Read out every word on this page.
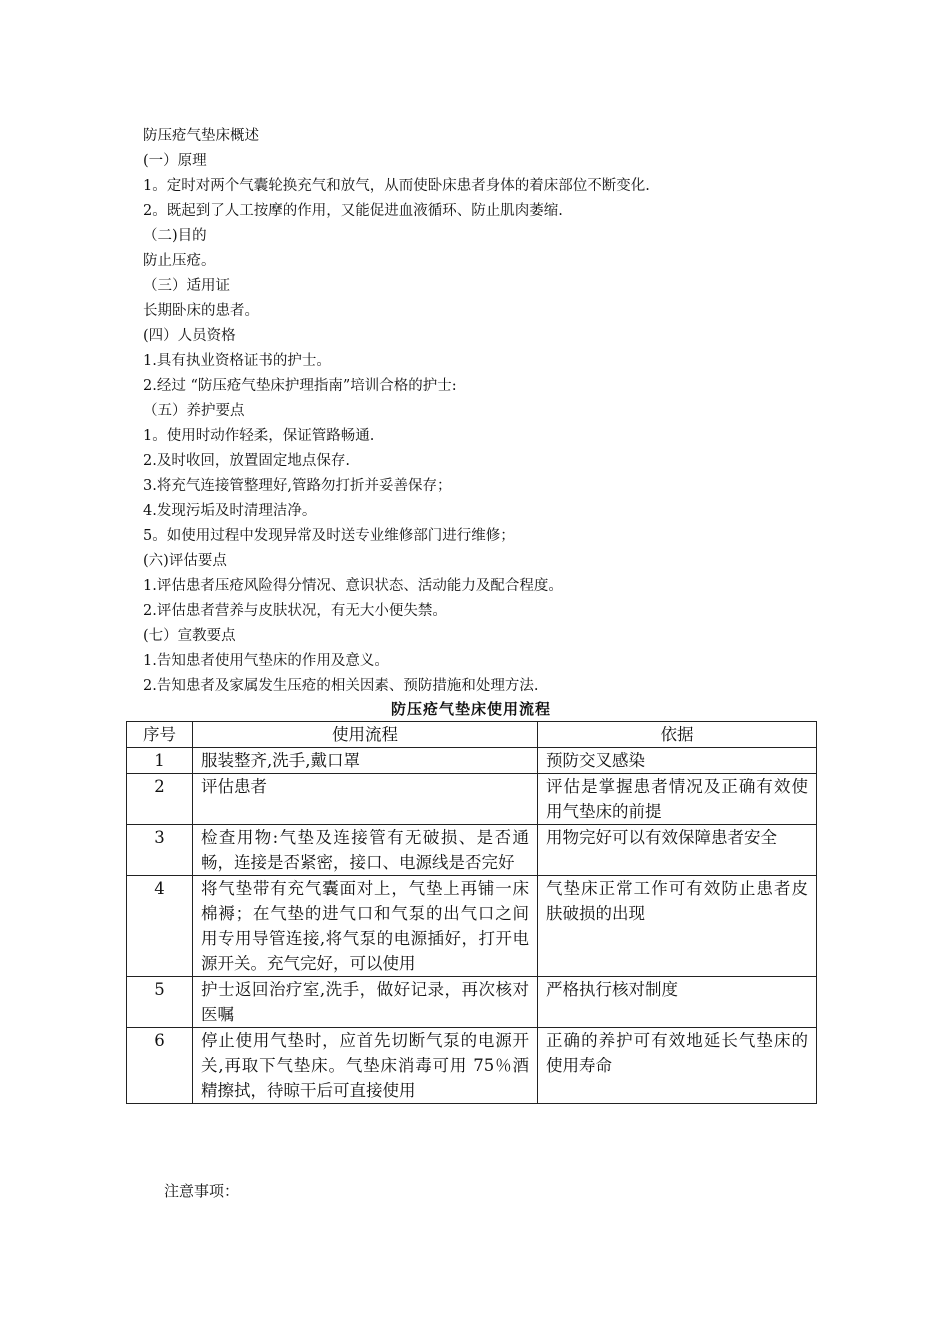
防压疮气垫床概述
(一）原理
1。定时对两个气囊轮换充气和放气，从而使卧床患者身体的着床部位不断变化.
2。既起到了人工按摩的作用，又能促进血液循环、防止肌肉萎缩.
（二)目的
防止压疮。
（三）适用证
长期卧床的患者。
(四）人员资格
1.具有执业资格证书的护士。
2.经过 “防压疮气垫床护理指南”培训合格的护士:
（五）养护要点
1。使用时动作轻柔，保证管路畅通.
2.及时收回，放置固定地点保存.
3.将充气连接管整理好,管路勿打折并妥善保存；
4.发现污垢及时清理洁净。
5。如使用过程中发现异常及时送专业维修部门进行维修；
(六)评估要点
1.评估患者压疮风险得分情况、意识状态、活动能力及配合程度。
2.评估患者营养与皮肤状况，有无大小便失禁。
(七）宣教要点
1.告知患者使用气垫床的作用及意义。
2.告知患者及家属发生压疮的相关因素、预防措施和处理方法.
防压疮气垫床使用流程
序号	使用流程	依据
1	服装整齐,洗手,戴口罩	预防交叉感染
2	评估患者	评估是掌握患者情况及正确有效使用气垫床的前提
3	检查用物:气垫及连接管有无破损、是否通畅，连接是否紧密，接口、电源线是否完好	用物完好可以有效保障患者安全
4	将气垫带有充气囊面对上，气垫上再铺一床棉褥；在气垫的进气口和气泵的出气口之间用专用导管连接,将气泵的电源插好，打开电源开关。充气完好，可以使用	气垫床正常工作可有效防止患者皮肤破损的出现
5	护士返回治疗室,洗手，做好记录，再次核对医嘱	严格执行核对制度
6	停止使用气垫时，应首先切断气泵的电源开关,再取下气垫床。气垫床消毒可用 75％酒精擦拭，待晾干后可直接使用	正确的养护可有效地延长气垫床的使用寿命
注意事项：
